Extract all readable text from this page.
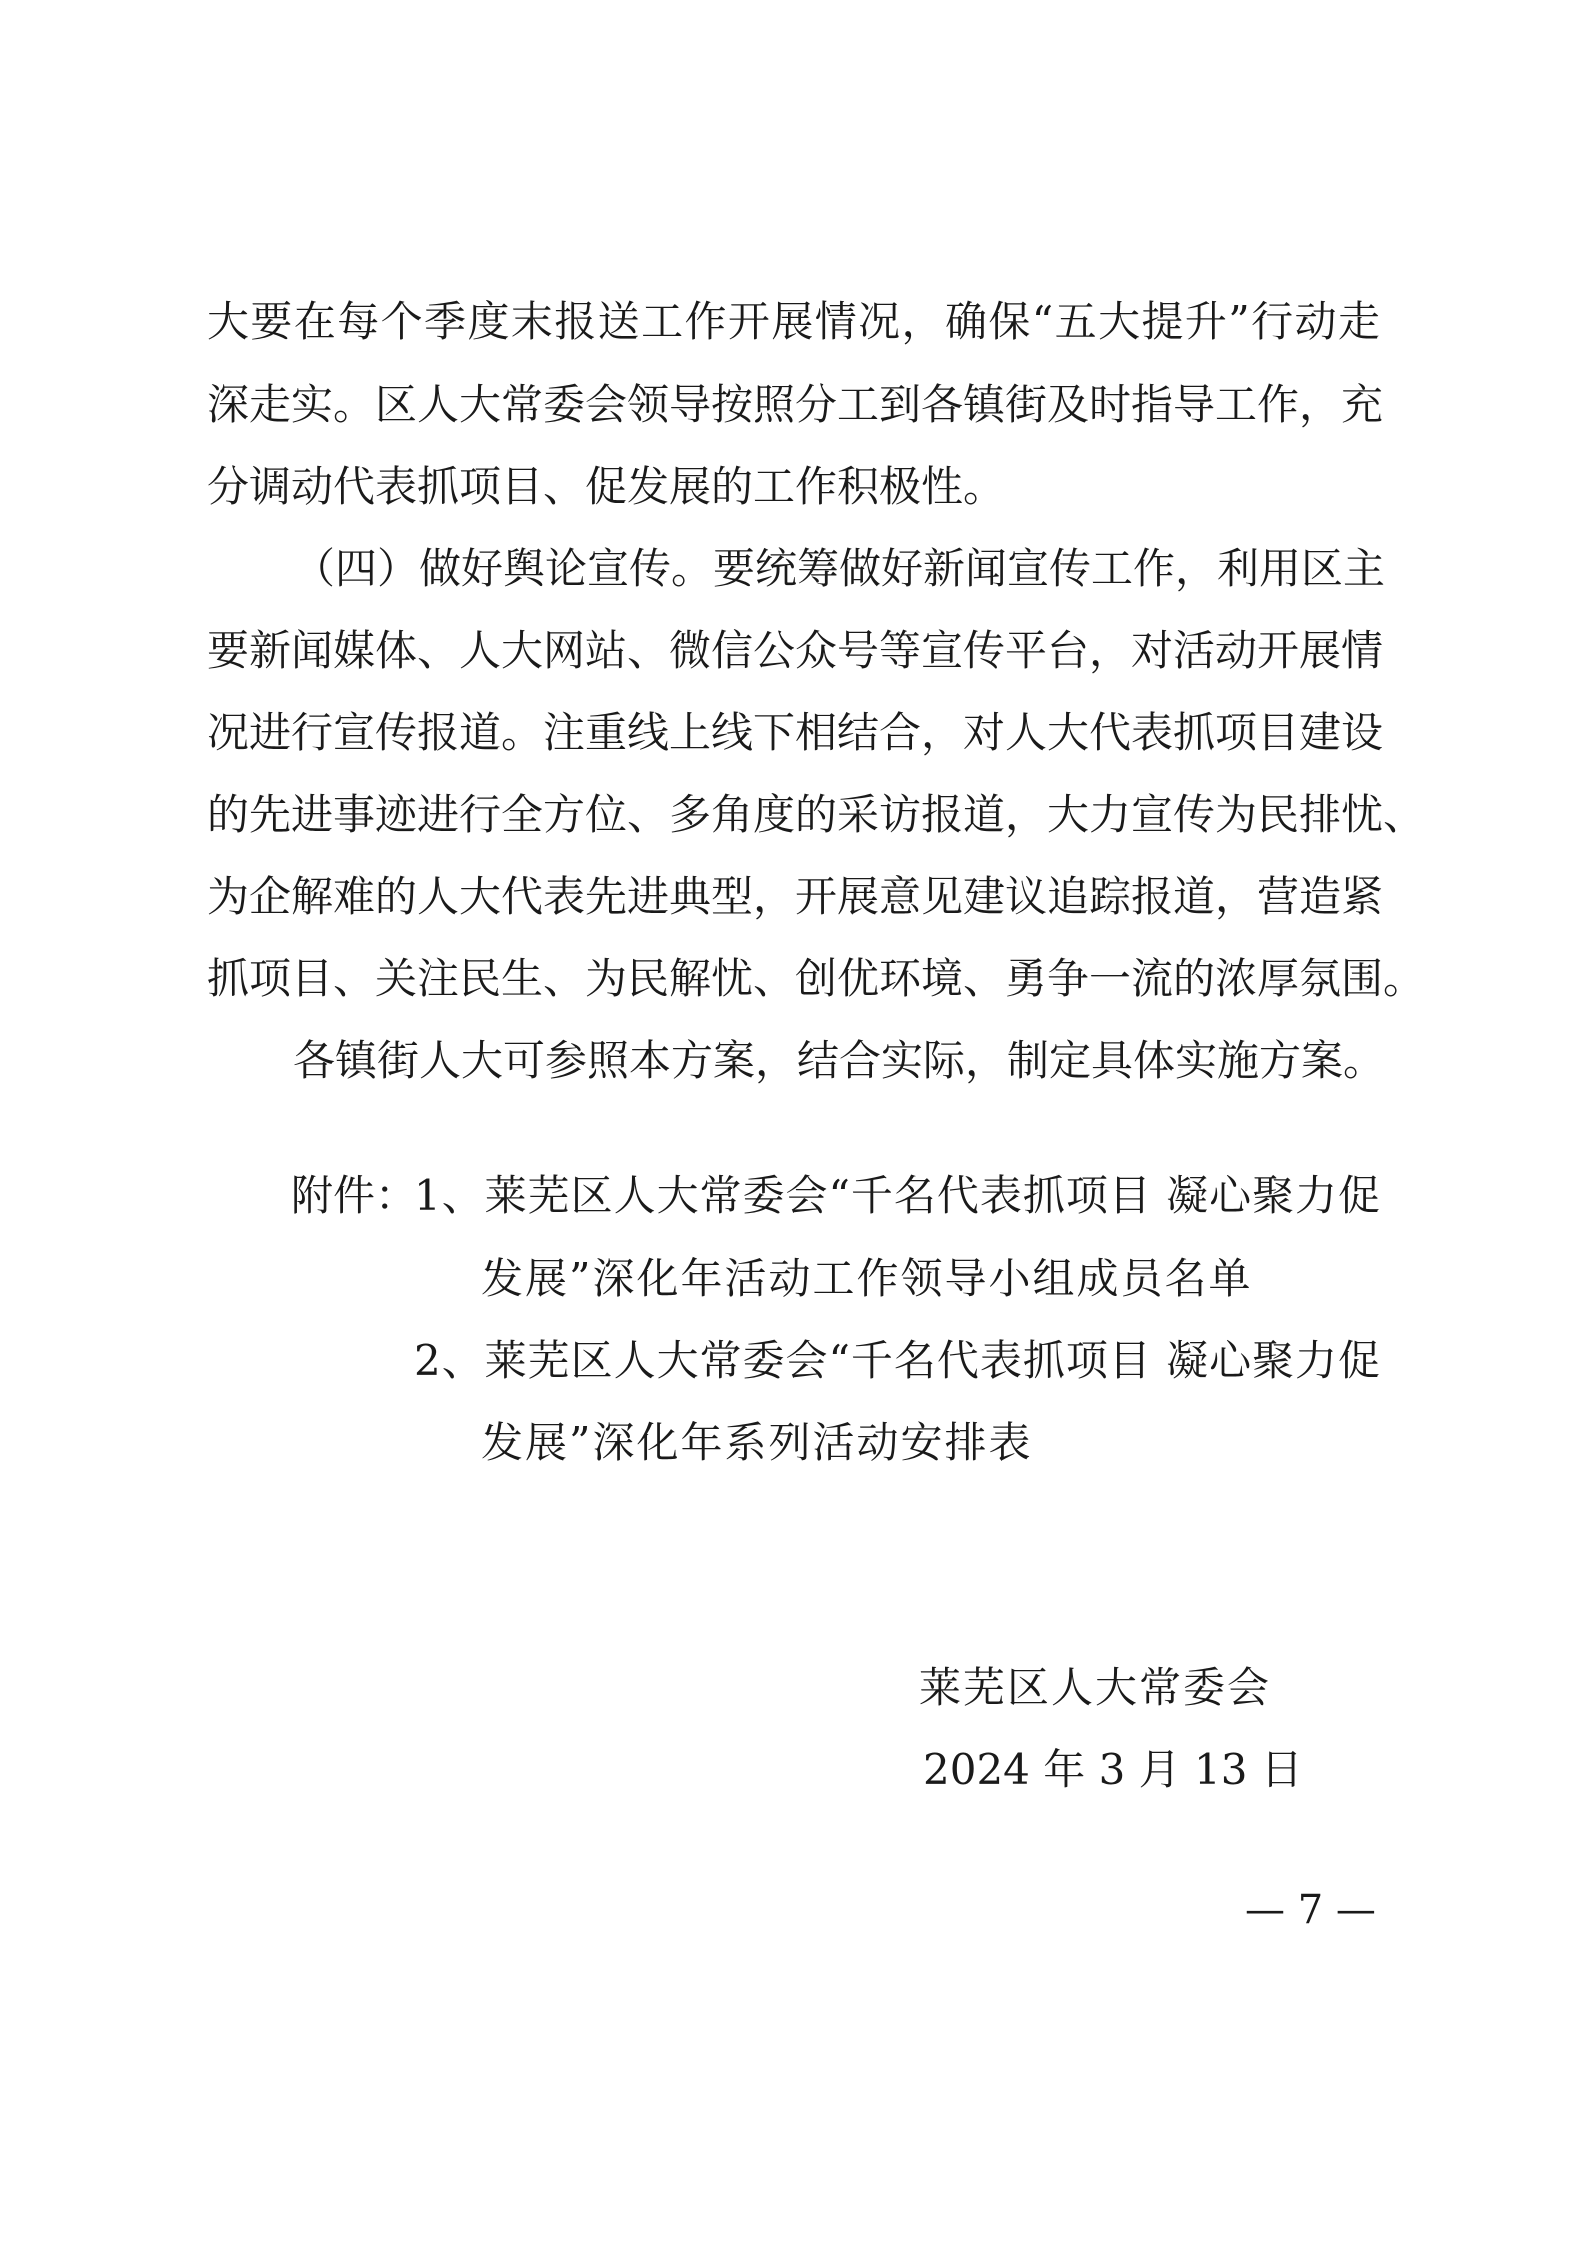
大要在每个季度末报送工作开展情况，确保“五大提升”行动走
深走实。区人大常委会领导按照分工到各镇街及时指导工作，充
分调动代表抓项目、促发展的工作积极性。
（四）做好舆论宣传。要统筹做好新闻宣传工作，利用区主
要新闻媒体、人大网站、微信公众号等宣传平台，对活动开展情
况进行宣传报道。注重线上线下相结合，对人大代表抓项目建设
的先进事迹进行全方位、多角度的采访报道，大力宣传为民排忧、
为企解难的人大代表先进典型，开展意见建议追踪报道，营造紧
抓项目、关注民生、为民解忧、创优环境、勇争一流的浓厚氛围。
各镇街人大可参照本方案，结合实际，制定具体实施方案。
附件：
1、莱芜区人大常委会“千名代表抓项目 凝心聚力促
发展”深化年活动工作领导小组成员名单
2、莱芜区人大常委会“千名代表抓项目 凝心聚力促
发展”深化年系列活动安排表
莱芜区人大常委会
2024 年 3 月 13 日
— 7 —
